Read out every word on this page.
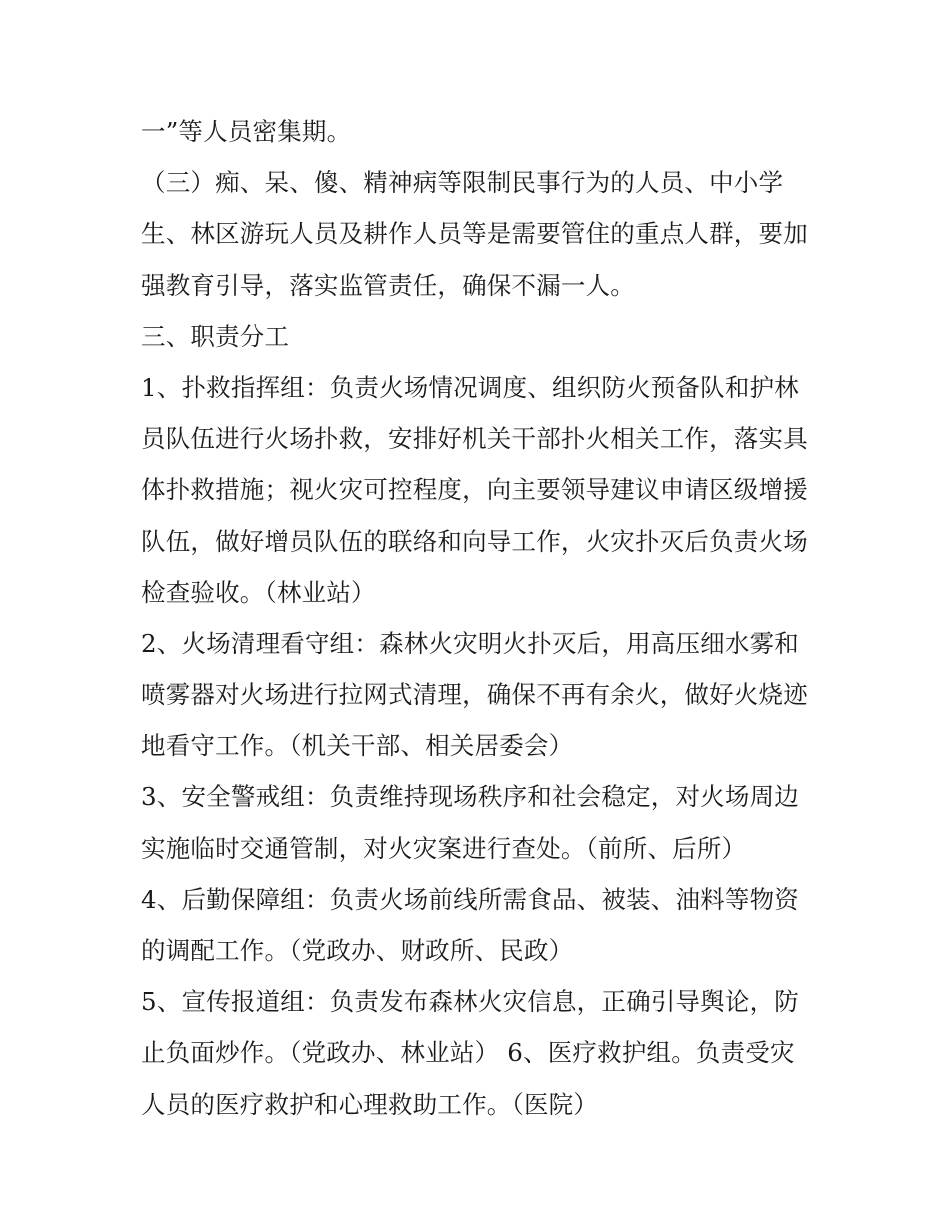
一”等人员密集期。
（三）痴、呆、傻、精神病等限制民事行为的人员、中小学
生、林区游玩人员及耕作人员等是需要管住的重点人群，要加
强教育引导，落实监管责任，确保不漏一人。
三、职责分工
1、扑救指挥组：负责火场情况调度、组织防火预备队和护林
员队伍进行火场扑救，安排好机关干部扑火相关工作，落实具
体扑救措施；视火灾可控程度，向主要领导建议申请区级增援
队伍，做好增员队伍的联络和向导工作，火灾扑灭后负责火场
检查验收。（林业站）
2、火场清理看守组：森林火灾明火扑灭后，用高压细水雾和
喷雾器对火场进行拉网式清理，确保不再有余火，做好火烧迹
地看守工作。（机关干部、相关居委会）
3、安全警戒组：负责维持现场秩序和社会稳定，对火场周边
实施临时交通管制，对火灾案进行查处。（前所、后所）
4、后勤保障组：负责火场前线所需食品、被装、油料等物资
的调配工作。（党政办、财政所、民政）
5、宣传报道组：负责发布森林火灾信息，正确引导舆论，防
止负面炒作。（党政办、林业站） 6、医疗救护组。负责受灾
人员的医疗救护和心理救助工作。（医院）
